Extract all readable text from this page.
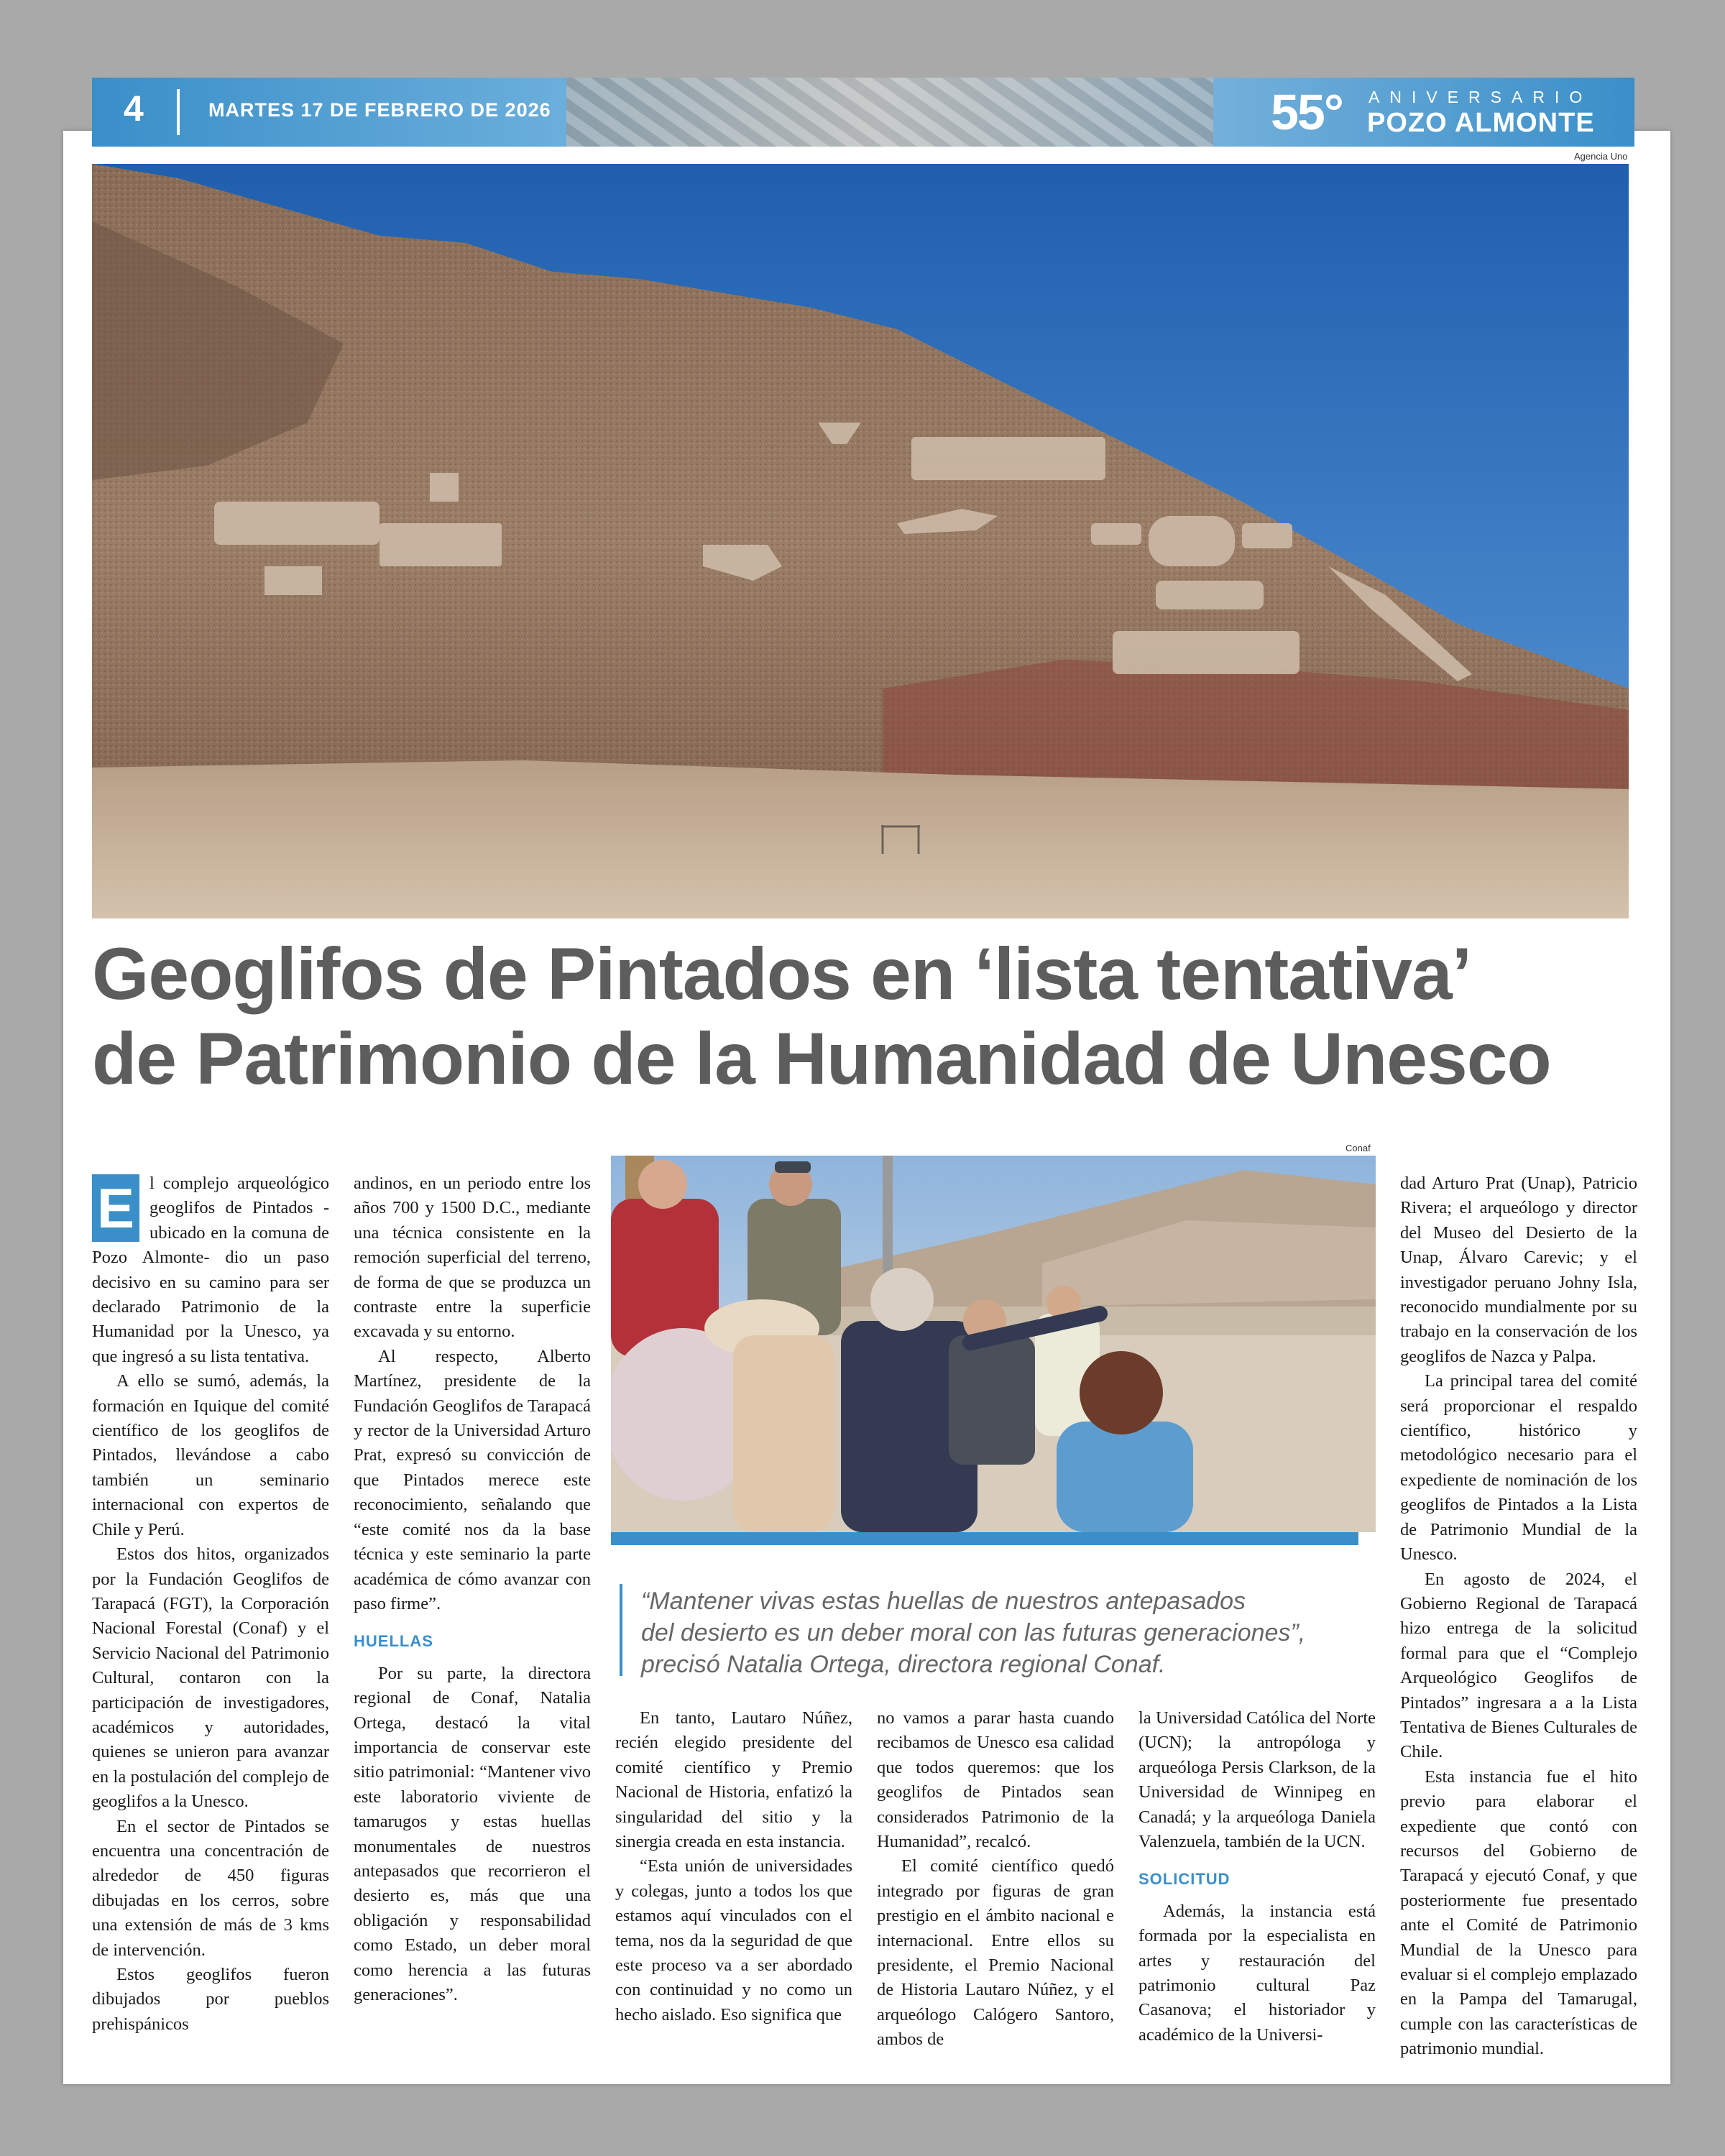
4	MARTES 17 DE FEBRERO DE 2026	55° ANIVERSARIO
POZO ALMONTE
Agencia Uno
Geoglifos de Pintados en ‘lista tentativa’
de Patrimonio de la Humanidad de Unesco
E l complejo arqueológico geoglifos de Pintados -ubicado en la comuna de Pozo Almonte- dio un paso decisivo en su camino para ser declarado Patrimonio de la Humanidad por la Unesco, ya que ingresó a su lista tentativa.

A ello se sumó, además, la formación en Iquique del comité científico de los geoglifos de Pintados, llevándose a cabo también un seminario internacional con expertos de Chile y Perú.

Estos dos hitos, organizados por la Fundación Geoglifos de Tarapacá (FGT), la Corporación Nacional Forestal (Conaf) y el Servicio Nacional del Patrimonio Cultural, contaron con la participación de investigadores, académicos y autoridades, quienes se unieron para avanzar en la postulación del complejo de geoglifos a la Unesco.

En el sector de Pintados se encuentra una concentración de alrededor de 450 figuras dibujadas en los cerros, sobre una extensión de más de 3 kms de intervención.

Estos geoglifos fueron dibujados por pueblos prehispánicos

andinos, en un periodo entre los años 700 y 1500 D.C., mediante una técnica consistente en la remoción superficial del terreno, de forma de que se produzca un contraste entre la superficie excavada y su entorno.

Al respecto, Alberto Martínez, presidente de la Fundación Geoglifos de Tarapacá y rector de la Universidad Arturo Prat, expresó su convicción de que Pintados merece este reconocimiento, señalando que “este comité nos da la base técnica y este seminario la parte académica de cómo avanzar con paso firme”.

HUELLAS

Por su parte, la directora regional de Conaf, Natalia Ortega, destacó la vital importancia de conservar este sitio patrimonial: “Mantener vivo este laboratorio viviente de tamarugos y estas huellas monumentales de nuestros antepasados que recorrieron el desierto es, más que una obligación y responsabilidad como Estado, un deber moral como herencia a las futuras generaciones”.

Conaf
“Mantener vivas estas huellas de nuestros antepasados
del desierto es un deber moral con las futuras generaciones”,
precisó Natalia Ortega, directora regional Conaf.

En tanto, Lautaro Núñez, recién elegido presidente del comité científico y Premio Nacional de Historia, enfatizó la singularidad del sitio y la sinergia creada en esta instancia.

“Esta unión de universidades y colegas, junto a todos los que estamos aquí vinculados con el tema, nos da la seguridad de que este proceso va a ser abordado con continuidad y no como un hecho aislado. Eso significa que

no vamos a parar hasta cuando recibamos de Unesco esa calidad que todos queremos: que los geoglifos de Pintados sean considerados Patrimonio de la Humanidad”, recalcó.

El comité científico quedó integrado por figuras de gran prestigio en el ámbito nacional e internacional. Entre ellos su presidente, el Premio Nacional de Historia Lautaro Núñez, y el arqueólogo Calógero Santoro, ambos de

la Universidad Católica del Norte (UCN); la antropóloga y arqueóloga Persis Clarkson, de la Universidad de Winnipeg en Canadá; y la arqueóloga Daniela Valenzuela, también de la UCN.

SOLICITUD

Además, la instancia está formada por la especialista en artes y restauración del patrimonio cultural Paz Casanova; el historiador y académico de la Universi-

dad Arturo Prat (Unap), Patricio Rivera; el arqueólogo y director del Museo del Desierto de la Unap, Álvaro Carevic; y el investigador peruano Johny Isla, reconocido mundialmente por su trabajo en la conservación de los geoglifos de Nazca y Palpa.

La principal tarea del comité será proporcionar el respaldo científico, histórico y metodológico necesario para el expediente de nominación de los geoglifos de Pintados a la Lista de Patrimonio Mundial de la Unesco.

En agosto de 2024, el Gobierno Regional de Tarapacá hizo entrega de la solicitud formal para que el “Complejo Arqueológico Geoglifos de Pintados” ingresara a a la Lista Tentativa de Bienes Culturales de Chile.

Esta instancia fue el hito previo para elaborar el expediente que contó con recursos del Gobierno de Tarapacá y ejecutó Conaf, y que posteriormente fue presentado ante el Comité de Patrimonio Mundial de la Unesco para evaluar si el complejo emplazado en la Pampa del Tamarugal, cumple con las características de patrimonio mundial.
